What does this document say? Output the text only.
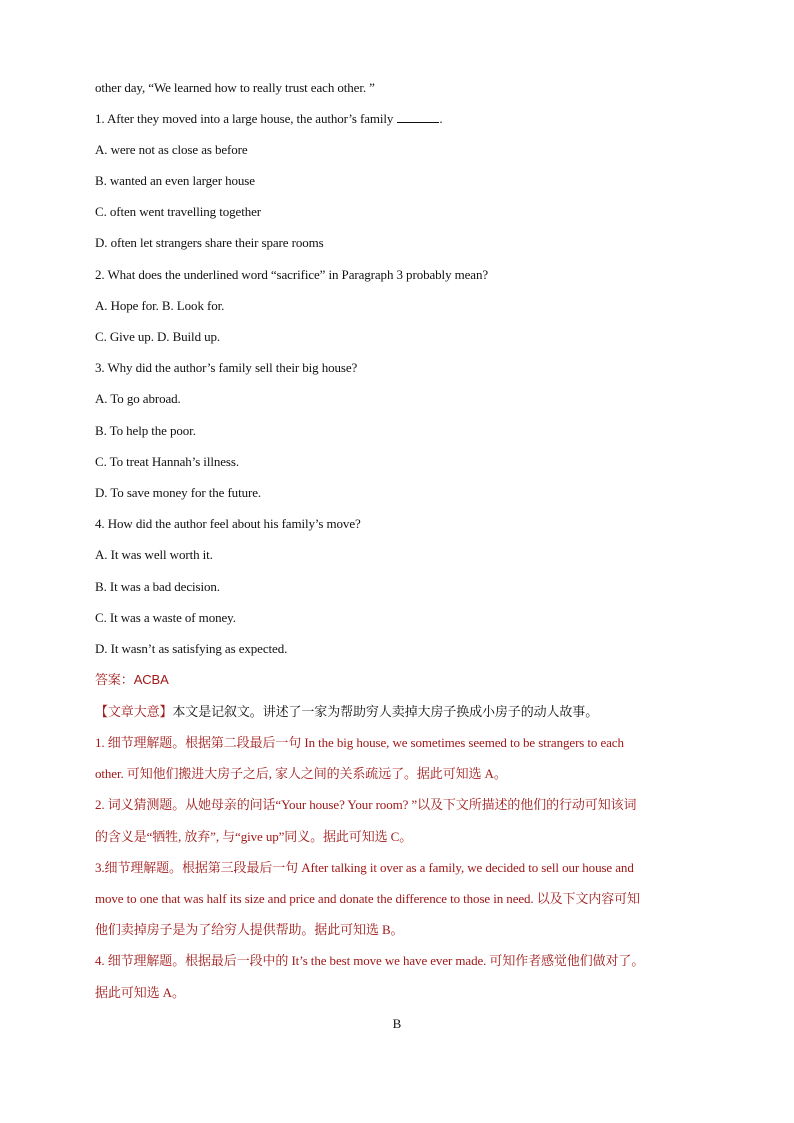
other day, “We learned how to really trust each other. ”
1. After they moved into a large house, the author’s family	.
A. were not as close as before
B. wanted an even larger house
C. often went travelling together
D. often let strangers share their spare rooms
2. What does the underlined word “sacrifice” in Paragraph 3 probably mean?
A. Hope for. B. Look for.
C. Give up. D. Build up.
3. Why did the author’s family sell their big house?
A. To go abroad.
B. To help the poor.
C. To treat Hannah’s illness.
D. To save money for the future.
4. How did the author feel about his family’s move?
A. It was well worth it.
B. It was a bad decision.
C. It was a waste of money.
D. It wasn’t as satisfying as expected.
答案：ACBA
【文章大意】本文是记叙文。讲述了一家为帮助穷人卖掉大房子换成小房子的动人故事。
1. 细节理解题。根据第二段最后一句 In the big house, we sometimes seemed to be strangers to each
other. 可知他们搬进大房子之后, 家人之间的关系疏远了。据此可知选 A。
2. 词义猜测题。从她母亲的问话“Your house? Your room? ”以及下文所描述的他们的行动可知该词
的含义是“牺牲, 放弃”, 与“give up”同义。据此可知选 C。
3.细节理解题。根据第三段最后一句 After talking it over as a family, we decided to sell our house and
move to one that was half its size and price and donate the difference to those in need. 以及下文内容可知
他们卖掉房子是为了给穷人提供帮助。据此可知选 B。
4. 细节理解题。根据最后一段中的 It’s the best move we have ever made. 可知作者感觉他们做对了。
据此可知选 A。
B
